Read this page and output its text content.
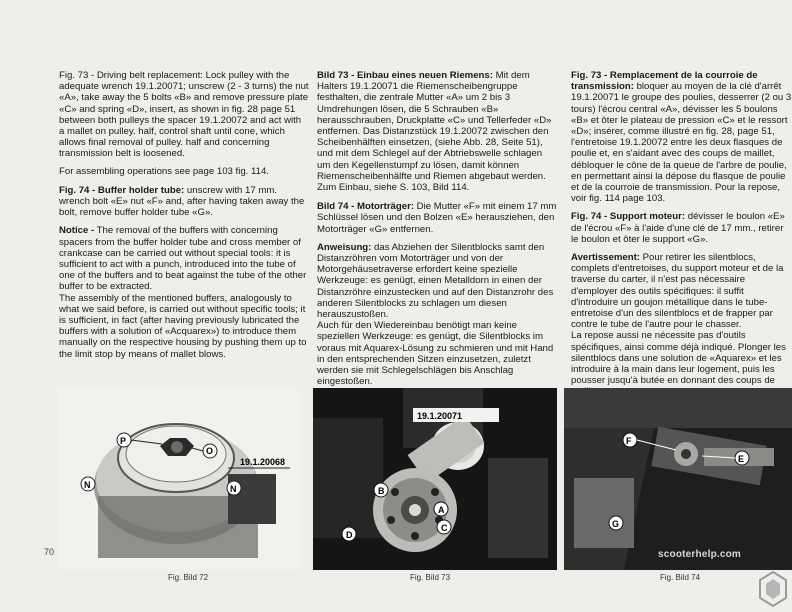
Fig. 73 - Driving belt replacement: Lock pulley with the adequate wrench 19.1.20071; unscrew (2 - 3 turns) the nut «A», take away the 5 bolts «B» and remove pressure plate «C» and spring «D», insert, as shown in fig. 28 page 51 between both pulleys the spacer 19.1.20072 and act with a mallet on pulley. half, control shaft until cone, which allows final removal of pulley. half and concerning transmission belt is loosened.

For assembling operations see page 103 fig. 114.

Fig. 74 - Buffer holder tube: unscrew with 17 mm. wrench bolt «E» nut «F» and, after having taken away the bolt, remove buffer holder tube «G».
Notice - The removal of the buffers with concerning spacers from the buffer holder tube and cross member of crankcase can be carried out without special tools: it is sufficient to act with a punch, introduced into the tube of one of the buffers and to beat against the tube of the other buffer to be extracted.

The assembly of the mentioned buffers, analogously to what we said before, is carried out without specific tools; it is sufficient, in fact (after having previously lubricated the buffers with a solution of «Acquarex») to introduce them manually on the respective housing by pushing them up to the limit stop by means of mallet blows.

Bild 73 - Einbau eines neuen Riemens: Mit dem Halters 19.1.20071 die Riemenscheibengruppe festhalten, die zentrale Mutter «A» um 2 bis 3 Umdrehungen lösen, die 5 Schrauben «B» herausschrauben, Druckplatte «C» und Tellerfeder «D» entfernen. Das Distanzstück 19.1.20072 zwischen den Scheibenhälften einsetzen, (siehe Abb. 28, Seite 51), und mit dem Schlegel auf der Abtriebswelle schlagen um den Kegellenstumpf zu lösen, damit können Riemenscheibenhälfte und Riemen abgebaut werden.

Zum Einbau, siehe S. 103, Bild 114.

Bild 74 - Motorträger: Die Mutter «F» mit einem 17 mm Schlüssel lösen und den Bolzen «E» herausziehen, den Motorträger «G» entfernen.
Anweisung: das Abziehen der Silentblocks samt den Distanzröhren vom Motorträger und von der Motorgehäusetraverse erfordert keine spezielle Werkzeuge: es genügt, einen Metalldorn in einen der Distanzröhre einzustecken und auf den Distanzrohr des anderen Silentblocks zu schlagen um diesen herauszustoßen.

Auch für den Wiedereinbau benötigt man keine speziellen Werkzeuge: es genügt, die Silentblocks im voraus mit Aquarex-Lösung zu schmieren und mit Hand in den entsprechenden Sitzen einzusetzen, zuletzt werden sie mit Schlegelschlägen bis Anschlag eingestoßen.

Fig. 73 - Remplacement de la courroie de transmission: bloquer au moyen de la clé d'arrêt 19.1.20071 le groupe des poulies, desserrer (2 ou 3 tours) l'écrou central «A», dévisser les 5 boulons «B» et ôter le plateau de pression «C» et le ressort «D»; insérer, comme illustré en fig. 28, page 51, l'entretoise 19.1.20072 entre les deux flasques de poulie et, en s'aidant avec des coups de maillet, débloquer le cône de la queue de l'arbre de poulie, en permettant ainsi la dépose du flasque de poulie et de la courroie de transmission. Pour la repose, voir fig. 114 page 103.
Fig. 74 - Support moteur: dévisser le boulon «E» de l'écrou «F» à l'aide d'une clé de 17 mm., retirer le boulon et ôter le support «G».
Avertissement: Pour retirer les silentblocs, complets d'entretoises, du support moteur et de la traverse du carter, il n'est pas nécessaire d'employer des outils spécifiques: il suffit d'introduire un goujon métallique dans le tube-entretoise d'un des silentblocs et de frapper par contre le tube de l'autre pour le chasser.

La repose aussi ne nécessite pas d'outils spécifiques, ainsi comme déjà indiqué. Plonger les silentblocs dans une solution de «Aquarex» et les introduire à la main dans leur logement, puis les pousser jusqu'à butée en donnant des coups de

P
O
N	N
19.1.20068
19.1.20071
B
A
C
D
F
E
G
70
Fig. Bild 72	Fig. Bild 73	Fig. Bild 74
scooterhelp.com
